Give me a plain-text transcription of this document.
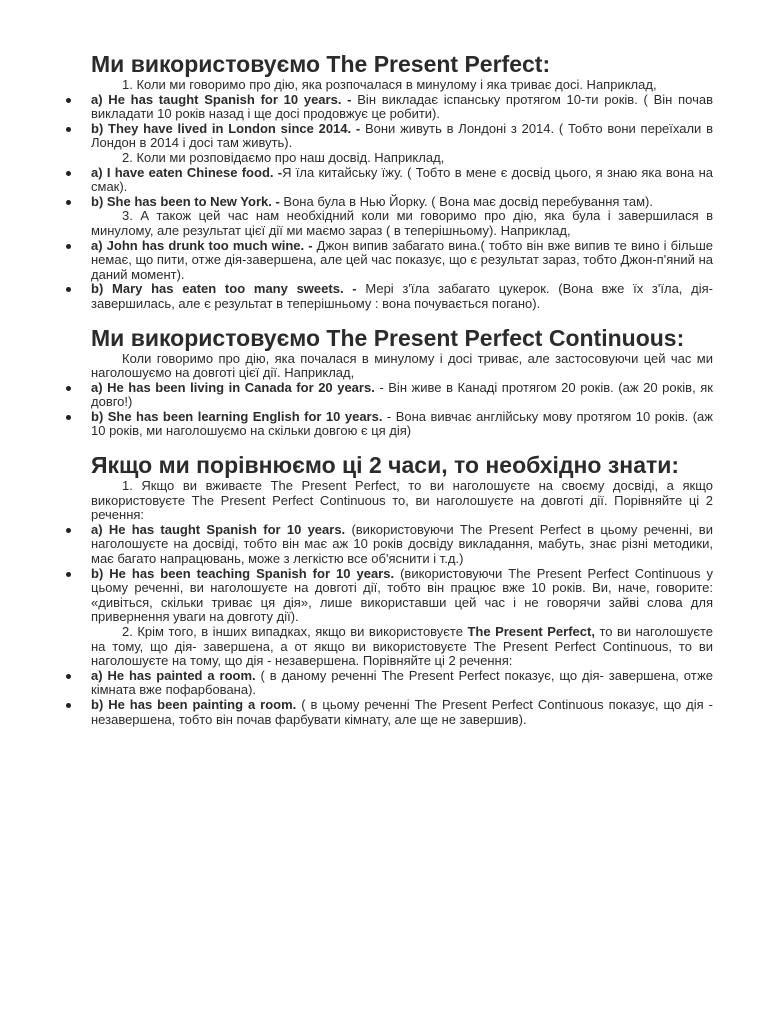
Ми використовуємо The Present Perfect:

1. Коли ми говоримо про дію, яка розпочалася в минулому і яка триває досі. Наприклад,

a) He has taught Spanish for 10 years. - Він викладає іспанську протягом 10-ти років. ( Він почав викладати 10 років назад і ще досі продовжує це робити).
b) They have lived in London since 2014. - Вони живуть в Лондоні з 2014. ( Тобто вони переїхали в Лондон в 2014 і досі там живуть).

2. Коли ми розповідаємо про наш досвід. Наприклад,

a) I have eaten Chinese food. -Я їла китайську їжу. ( Тобто в мене є досвід цього, я знаю яка вона на смак).
b) She has been to New York. - Вона була в Нью Йорку. ( Вона має досвід перебування там).

3. А також цей час нам необхідний коли ми говоримо про дію, яка була і завершилася в минулому, але результат цієї дії ми маємо зараз ( в теперішньому). Наприклад,

a) John has drunk too much wine. - Джон випив забагато вина.( тобто він вже випив те вино і більше немає, що пити, отже дія-завершена, але цей час показує, що є результат зараз, тобто Джон-п'яний на даний момент).
b) Mary has eaten too many sweets. - Мері з'їла забагато цукерок. (Вона вже їх з'їла, дія- завершилась, але є результат в теперішньому : вона почувається погано).
Ми використовуємо The Present Perfect Continuous:

Коли говоримо про дію, яка почалася в минулому і досі триває, але застосовуючи цей час ми наголошуємо на довготі цієї дії. Наприклад,

a) He has been living in Canada for 20 years. - Він живе в Канаді протягом 20 років. (аж 20 років, як довго!)
b) She has been learning English for 10 years. - Вона вивчає англійську мову протягом 10 років. (аж 10 років, ми наголошуємо на скільки довгою є ця дія)
Якщо ми порівнюємо ці 2 часи, то необхідно знати:

1. Якщо ви вживаєте The Present Perfect, то ви наголошуєте на своєму досвіді, а якщо використовуєте The Present Perfect Continuous то, ви наголошуєте на довготі дії. Порівняйте ці 2 речення:

a) He has taught Spanish for 10 years. (використовуючи The Present Perfect в цьому реченні, ви наголошуєте на досвіді, тобто він має аж 10 років досвіду викладання, мабуть, знає різні методики, має багато напрацювань, може з легкістю все об'яснити і т.д.)
b) He has been teaching Spanish for 10 years. (використовуючи The Present Perfect Continuous у цьому реченні, ви наголошуєте на довготі дії, тобто він працює вже 10 років. Ви, наче, говорите: «дивіться, скільки триває ця дія», лише використавши цей час і не говорячи зайві слова для привернення уваги на довготу дії).

2. Крім того, в інших випадках, якщо ви використовуєте The Present Perfect, то ви наголошуєте на тому, що дія- завершена, а от якщо ви використовуєте The Present Perfect Continuous, то ви наголошуєте на тому, що дія - незавершена. Порівняйте ці 2 речення:

a) He has painted a room. ( в даному реченні The Present Perfect показує, що дія- завершена, отже кімната вже пофарбована).
b) He has been painting a room. ( в цьому реченні The Present Perfect Continuous показує, що дія - незавершена, тобто він почав фарбувати кімнату, але ще не завершив).
